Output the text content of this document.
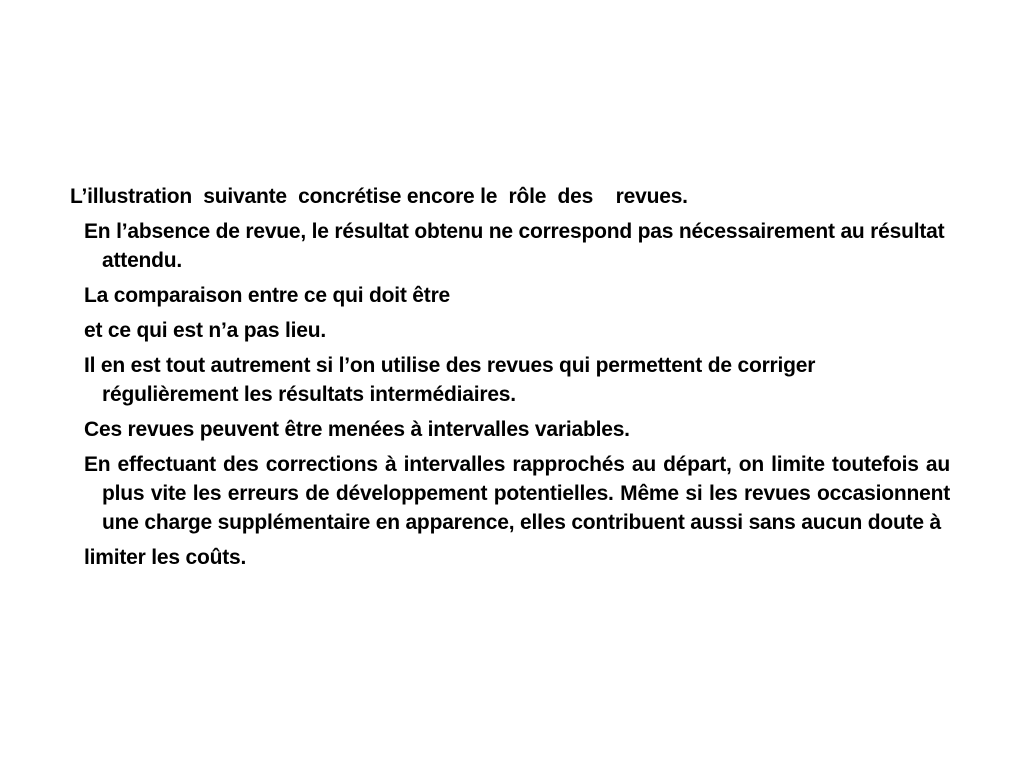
L’illustration  suivante  concrétise encore le  rôle  des    revues.

En l’absence de revue, le résultat obtenu ne correspond pas nécessairement au résultat attendu.

La comparaison entre ce qui doit être

et ce qui est n’a pas lieu.

Il en est tout autrement si l’on utilise des revues qui permettent de corriger régulièrement les résultats intermédiaires.

Ces revues peuvent être menées à intervalles variables.

En effectuant des corrections à intervalles rapprochés au départ, on limite toutefois au plus vite les erreurs de développement potentielles. Même si les revues occasionnent une charge supplémentaire en apparence, elles contribuent aussi sans aucun doute à

limiter les coûts.
